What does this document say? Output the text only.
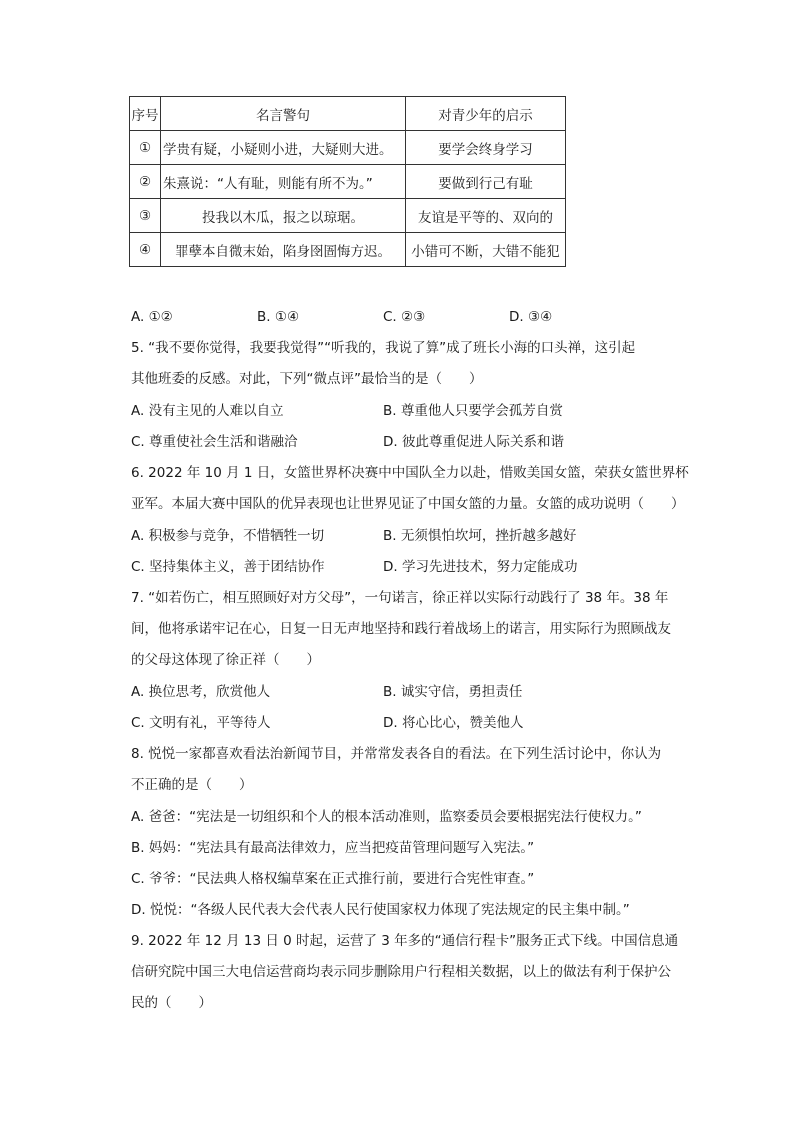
序号	名言警句	对青少年的启示
①	学贵有疑，小疑则小进，大疑则大进。	要学会终身学习
②	朱熹说：“人有耻，则能有所不为。”	要做到行己有耻
③	投我以木瓜，报之以琼琚。	友谊是平等的、双向的
④	罪孽本自微末始，陷身囹圄悔方迟。	小错可不断，大错不能犯
A. ①②	B. ①④	C. ②③	D. ③④
5. “我不要你觉得，我要我觉得”“听我的，我说了算”成了班长小海的口头禅，这引起
其他班委的反感。对此，下列“微点评”最恰当的是（　　）
A. 没有主见的人难以自立	B. 尊重他人只要学会孤芳自赏
C. 尊重使社会生活和谐融洽	D. 彼此尊重促进人际关系和谐
6. 2022 年 10 月 1 日，女篮世界杯决赛中中国队全力以赴，惜败美国女篮，荣获女篮世界杯
亚军。本届大赛中国队的优异表现也让世界见证了中国女篮的力量。女篮的成功说明（　　）
A. 积极参与竞争，不惜牺牲一切	B. 无须惧怕坎坷，挫折越多越好
C. 坚持集体主义，善于团结协作	D. 学习先进技术，努力定能成功
7. “如若伤亡，相互照顾好对方父母”，一句诺言，徐正祥以实际行动践行了 38 年。38 年
间，他将承诺牢记在心，日复一日无声地坚持和践行着战场上的诺言，用实际行为照顾战友
的父母这体现了徐正祥（　　）
A. 换位思考，欣赏他人	B. 诚实守信，勇担责任
C. 文明有礼，平等待人	D. 将心比心，赞美他人
8. 悦悦一家都喜欢看法治新闻节目，并常常发表各自的看法。在下列生活讨论中，你认为
不正确的是（　　）
A. 爸爸：“宪法是一切组织和个人的根本活动准则，监察委员会要根据宪法行使权力。”
B. 妈妈：“宪法具有最高法律效力，应当把疫苗管理问题写入宪法。”
C. 爷爷：“民法典人格权编草案在正式推行前，要进行合宪性审查。”
D. 悦悦：“各级人民代表大会代表人民行使国家权力体现了宪法规定的民主集中制。”
9. 2022 年 12 月 13 日 0 时起，运营了 3 年多的“通信行程卡”服务正式下线。中国信息通
信研究院中国三大电信运营商均表示同步删除用户行程相关数据，以上的做法有利于保护公
民的（　　）
